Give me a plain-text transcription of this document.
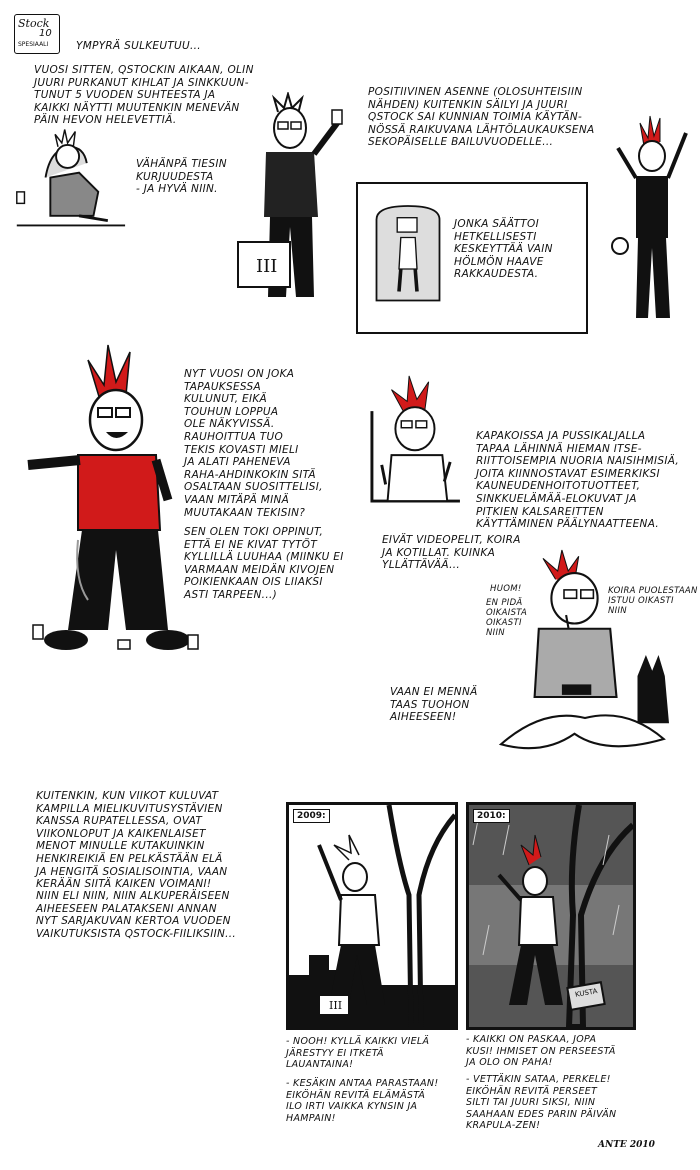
Stock
10
SPESIAALI	YMPYRÄ SULKEUTUU...
VUOSI SITTEN, QSTOCKIN AIKAAN, OLIN
JUURI PURKANUT KIHLAT JA SINKKUUN-
TUNUT 5 VUODEN SUHTEESTA JA
KAIKKI NÄYTTI MUUTENKIN MENEVÄN
PÄIN HEVON HELEVETTIÄ.
VÄHÄNPÄ TIESIN
KURJUUDESTA
- JA HYVÄ NIIN.
POSITIIVINEN ASENNE (OLOSUHTEISIIN
NÄHDEN) KUITENKIN SÄILYI JA JUURI
QSTOCK SAI KUNNIAN TOIMIA KÄYTÄN-
NÖSSÄ RAIKUVANA LÄHTÖLAUKAUKSENA
SEKOPÄISELLE BAILUVUODELLE...
III
JONKA SÄÄTTOI
HETKELLISESTI
KESKEYTTÄÄ VAIN
HÖLMÖN HAAVE
RAKKAUDESTA.
NYT VUOSI ON JOKA
TAPAUKSESSA
KULUNUT, EIKÄ
TOUHUN LOPPUA
OLE NÄKYVISSÄ.
RAUHOITTUA TUO
TEKIS KOVASTI MIELI
JA ALATI PAHENEVA
RAHA-AHDINKOKIN SITÄ
OSALTAAN SUOSITTELISI,
VAAN MITÄPÄ MINÄ
MUUTAKAAN TEKISIN?
SEN OLEN TOKI OPPINUT,
ETTÄ EI NE KIVAT TYTÖT
KYLLILLÄ LUUHAA (MIINKU EI
VARMAAN MEIDÄN KIVOJEN
POIKIENKAAN OIS LIIAKSI
ASTI TARPEEN...)
KAPAKOISSA JA PUSSIKALJALLA
TAPAA LÄHINNÄ HIEMAN ITSE-
RIITTOISEMPIA NUORIA NAISIHMISIÄ,
JOITA KIINNOSTAVAT ESIMERKIKSI
KAUNEUDENHOITOTUOTTEET,
SINKKUELÄMÄÄ-ELOKUVAT JA
PITKIEN KALSAREITTEN
KÄYTTÄMINEN PÄÄLYNAATTEENA.
EIVÄT VIDEOPELIT, KOIRA
JA KOTILLAT. KUINKA
YLLÄTTÄVÄÄ...
HUOM!
EN PIDÄ
OIKAISTA
OIKASTI
NIIN
KOIRA PUOLESTAAN
ISTUU OIKASTI
NIIN
VAAN EI MENNÄ
TAAS TUOHON
AIHEESEEN!
KUITENKIN, KUN VIIKOT KULUVAT
KAMPILLA MIELIKUVITUSYSTÄVIEN
KANSSA RUPATELLESSA, OVAT
VIIKONLOPUT JA KAIKENLAISET
MENOT MINULLE KUTAKUINKIN
HENKIREIKIÄ EN PELKÄSTÄÄN ELÄ
JA HENGITÄ SOSIALISOINTIA, VAAN
KERÄÄN SIITÄ KAIKEN VOIMANI!
NIIN ELI NIIN, NIIN ALKUPERÄISEEN
AIHEESEEN PALATAKSENI ANNAN
NYT SARJAKUVAN KERTOA VUODEN
VAIKUTUKSISTA QSTOCK-FIILIKSIIN...
III
2009:
KUSTA
2010:
- NOOH! KYLLÄ KAIKKI VIELÄ
JÄRESTYY EI ITKETÄ
LAUANTAINA!
- KESÄKIN ANTAA PARASTAAN!
EIKÖHÄN REVITÄ ELÄMÄSTÄ
ILO IRTI VAIKKA KYNSIN JA
HAMPAIN!
- KAIKKI ON PASKAA, JOPA
KUSI! IHMISET ON PERSEESTÄ
JA OLO ON PAHA!
- VETTÄKIN SATAA, PERKELE!
EIKÖHÄN REVITÄ PERSEET
SILTI TAI JUURI SIKSI, NIIN
SAAHAAN EDES PARIN PÄIVÄN
KRAPULA-ZEN!
ANTE 2010
